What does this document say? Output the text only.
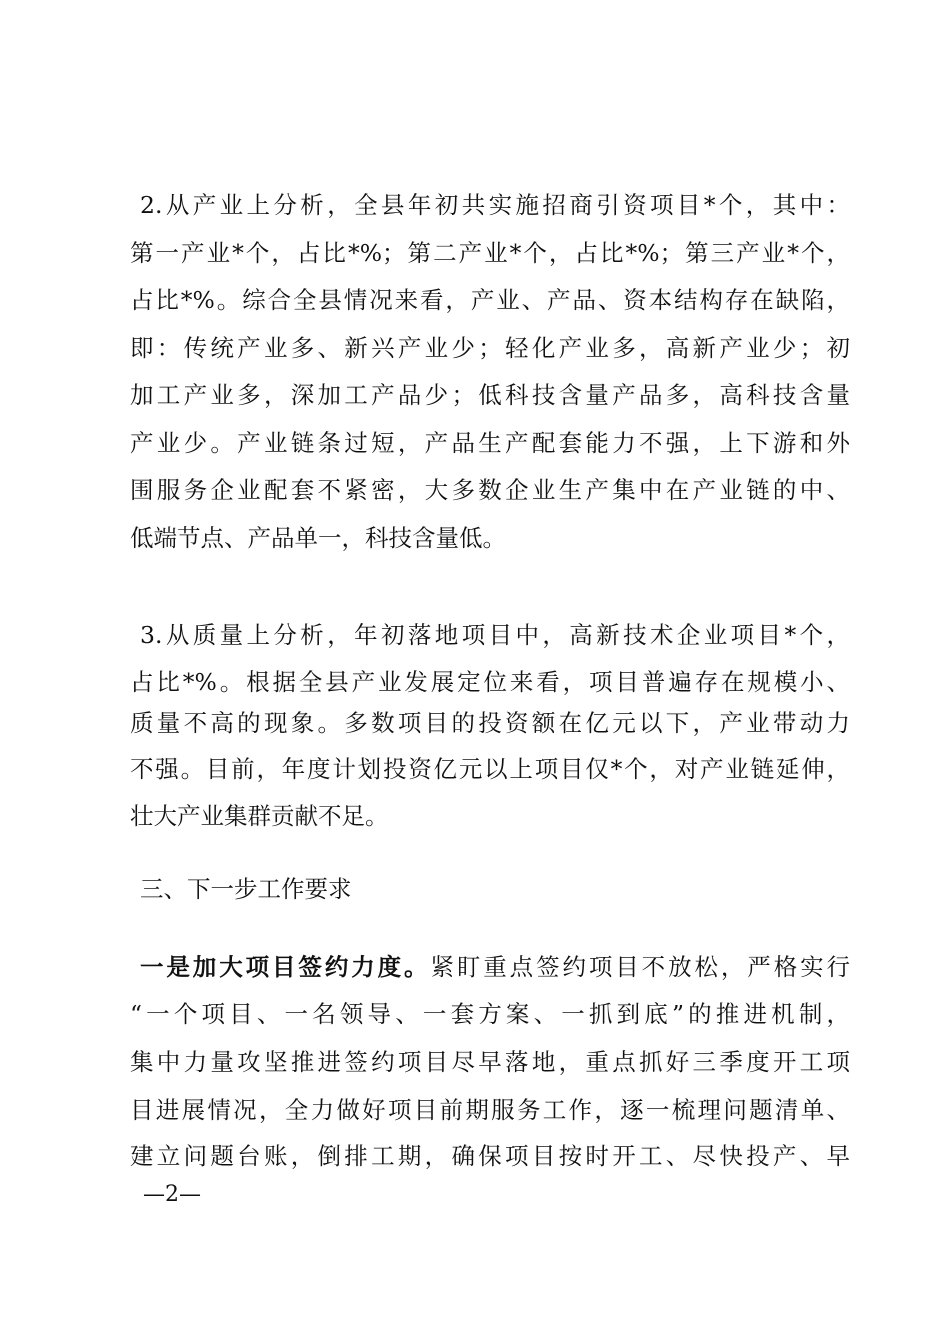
2.从产业上分析，全县年初共实施招商引资项目*个，其中：
第一产业*个，占比*%；第二产业*个，占比*%；第三产业*个，
占比*%。综合全县情况来看，产业、产品、资本结构存在缺陷，
即：传统产业多、新兴产业少；轻化产业多，高新产业少；初
加工产业多，深加工产品少；低科技含量产品多，高科技含量
产业少。产业链条过短，产品生产配套能力不强，上下游和外
围服务企业配套不紧密，大多数企业生产集中在产业链的中、
低端节点、产品单一，科技含量低。
3.从质量上分析，年初落地项目中，高新技术企业项目*个，
占比*%。根据全县产业发展定位来看，项目普遍存在规模小、
质量不高的现象。多数项目的投资额在亿元以下，产业带动力
不强。目前，年度计划投资亿元以上项目仅*个，对产业链延伸，
壮大产业集群贡献不足。
三、下一步工作要求
一是加大项目签约力度。紧盯重点签约项目不放松，严格实行
“一个项目、一名领导、一套方案、一抓到底”的推进机制，
集中力量攻坚推进签约项目尽早落地，重点抓好三季度开工项
目进展情况，全力做好项目前期服务工作，逐一梳理问题清单、
建立问题台账，倒排工期，确保项目按时开工、尽快投产、早
—2—
